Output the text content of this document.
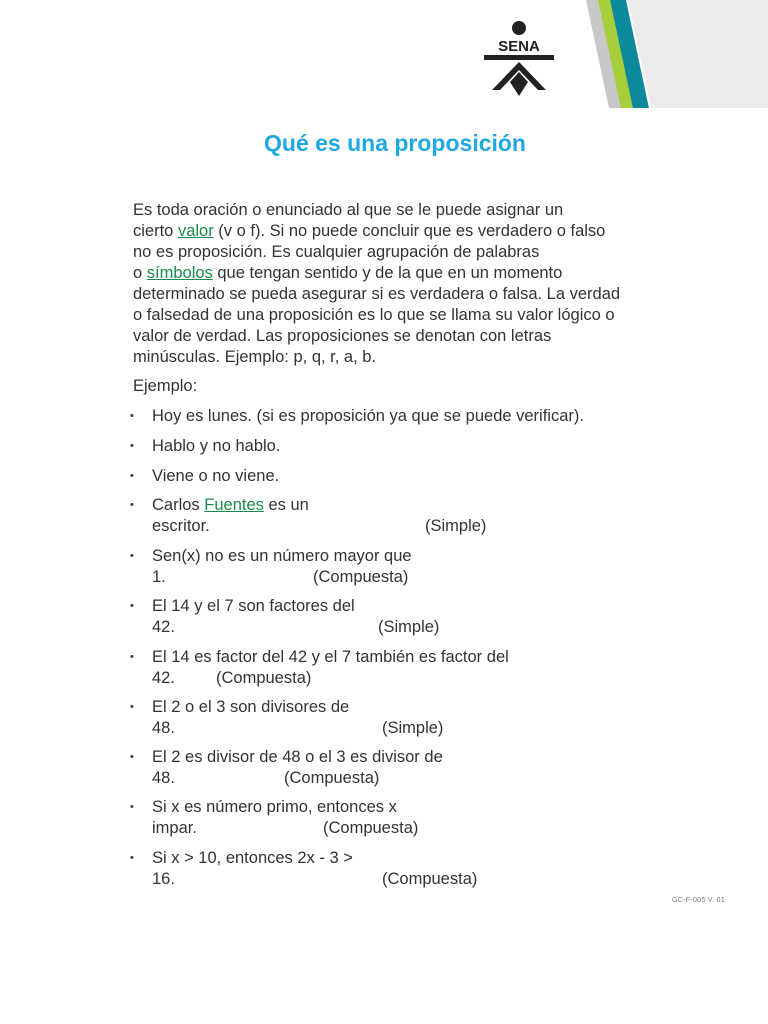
SENA
Qué es una proposición
Es toda oración o enunciado al que se le puede asignar un
cierto valor (v o f). Si no puede concluir que es verdadero o falso
no es proposición. Es cualquier agrupación de palabras
o símbolos que tengan sentido y de la que en un momento
determinado se pueda asegurar si es verdadera o falsa. La verdad
o falsedad de una proposición es lo que se llama su valor lógico o
valor de verdad. Las proposiciones se denotan con letras
minúsculas. Ejemplo: p, q, r, a, b.
Ejemplo:
• Hoy es lunes. (si es proposición ya que se puede verificar).
• Hablo y no hablo.
• Viene o no viene.
• Carlos Fuentes es un
escritor.	(Simple)
• Sen(x) no es un número mayor que
1.	(Compuesta)
• El 14 y el 7 son factores del
42.	(Simple)
• El 14 es factor del 42 y el 7 también es factor del
42.	(Compuesta)
• El 2 o el 3 son divisores de
48.	(Simple)
• El 2 es divisor de 48 o el 3 es divisor de
48.	(Compuesta)
• Si x es número primo, entonces x
impar.	(Compuesta)
• Si x > 10, entonces 2x - 3 >
16.	(Compuesta)
GC-F-005 V. 01
